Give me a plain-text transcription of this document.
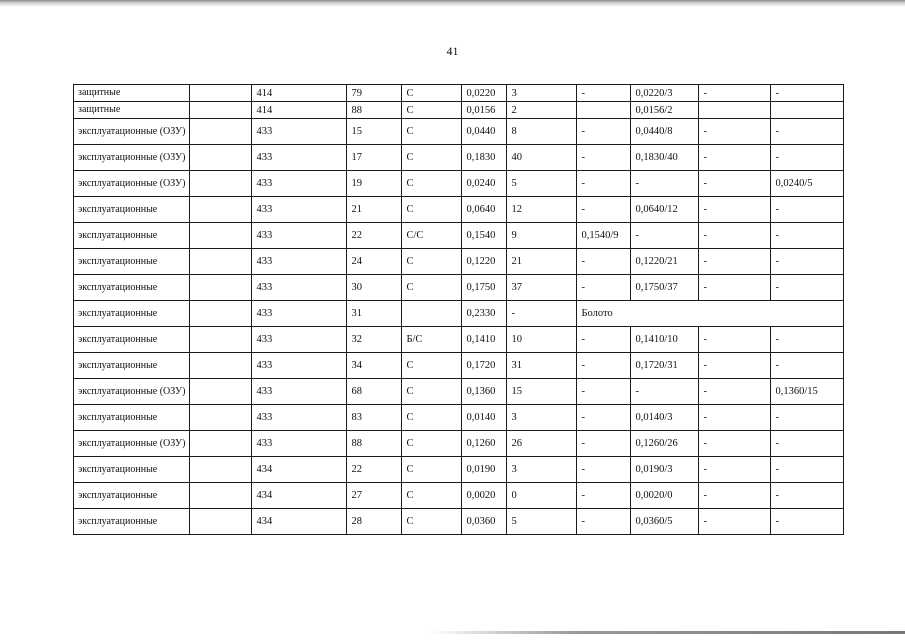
41
защитные		414	79	С	0,0220	3	-	0,0220/3	-	-
защитные		414	88	С	0,0156	2		0,0156/2		
эксплуатационные (ОЗУ)		433	15	С	0,0440	8	-	0,0440/8	-	-
эксплуатационные (ОЗУ)		433	17	С	0,1830	40	-	0,1830/40	-	-
эксплуатационные (ОЗУ)		433	19	С	0,0240	5	-	-	-	0,0240/5
эксплуатационные		433	21	С	0,0640	12	-	0,0640/12	-	-
эксплуатационные		433	22	С/С	0,1540	9	0,1540/9	-	-	-
эксплуатационные		433	24	С	0,1220	21	-	0,1220/21	-	-
эксплуатационные		433	30	С	0,1750	37	-	0,1750/37	-	-
эксплуатационные		433	31		0,2330	-	Болото			
эксплуатационные		433	32	Б/С	0,1410	10	-	0,1410/10	-	-
эксплуатационные		433	34	С	0,1720	31	-	0,1720/31	-	-
эксплуатационные (ОЗУ)		433	68	С	0,1360	15	-	-	-	0,1360/15
эксплуатационные		433	83	С	0,0140	3	-	0,0140/3	-	-
эксплуатационные (ОЗУ)		433	88	С	0,1260	26	-	0,1260/26	-	-
эксплуатационные		434	22	С	0,0190	3	-	0,0190/3	-	-
эксплуатационные		434	27	С	0,0020	0	-	0,0020/0	-	-
эксплуатационные		434	28	С	0,0360	5	-	0,0360/5	-	-
